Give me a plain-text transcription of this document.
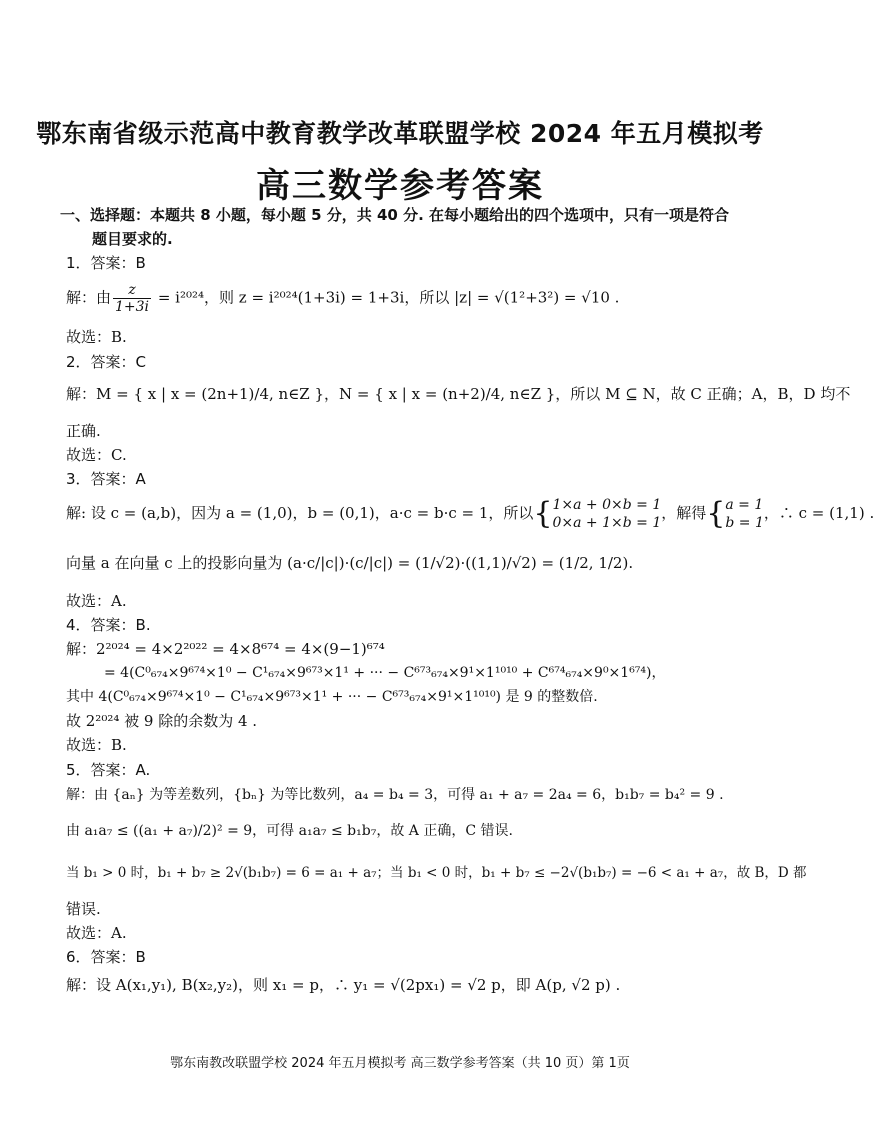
鄂东南省级示范高中教育教学改革联盟学校 2024 年五月模拟考
高三数学参考答案
一、选择题：本题共 8 小题，每小题 5 分，共 40 分. 在每小题给出的四个选项中，只有一项是符合
题目要求的.
1．答案：B
解：由 $\frac{z}{1+3i} = i^{2024}$，则 z = i²⁰²⁴(1+3i) = 1+3i，所以 |z| = √(1²+3²) = √10 .
故选：B.
2．答案：C
解：M = { x | x = (2n+1)/4, n∈Z }，N = { x | x = (n+2)/4, n∈Z }，所以 M ⊆ N，故 C 正确；A，B，D 均不
正确.
故选：C.
3．答案：A
解: 设 c = (a,b)，因为 a = (1,0)，b = (0,1)，a·c = b·c = 1，所以{1×a + 0×b = 1
0×a + 1×b = 1，解得{a = 1
b = 1，∴ c = (1,1) .
向量 a 在向量 c 上的投影向量为 (a·c/|c|)·(c/|c|) = (1/√2)·((1,1)/√2) = (1/2, 1/2).
故选：A.
4．答案：B.
解：2²⁰²⁴ = 4×2²⁰²² = 4×8⁶⁷⁴ = 4×(9−1)⁶⁷⁴
= 4(C⁰₆₇₄×9⁶⁷⁴×1⁰ − C¹₆₇₄×9⁶⁷³×1¹ + ··· − C⁶⁷³₆₇₄×9¹×1¹⁰¹⁰ + C⁶⁷⁴₆₇₄×9⁰×1⁶⁷⁴)，
其中 4(C⁰₆₇₄×9⁶⁷⁴×1⁰ − C¹₆₇₄×9⁶⁷³×1¹ + ··· − C⁶⁷³₆₇₄×9¹×1¹⁰¹⁰) 是 9 的整数倍.
故 2²⁰²⁴ 被 9 除的余数为 4 .
故选：B.
5．答案：A.
解：由 {aₙ} 为等差数列，{bₙ} 为等比数列，a₄ = b₄ = 3，可得 a₁ + a₇ = 2a₄ = 6，b₁b₇ = b₄² = 9 .
由 a₁a₇ ≤ ((a₁ + a₇)/2)² = 9，可得 a₁a₇ ≤ b₁b₇，故 A 正确，C 错误.
当 b₁ > 0 时，b₁ + b₇ ≥ 2√(b₁b₇) = 6 = a₁ + a₇；当 b₁ < 0 时，b₁ + b₇ ≤ −2√(b₁b₇) = −6 < a₁ + a₇，故 B，D 都
错误.
故选：A.
6．答案：B
解：设 A(x₁,y₁), B(x₂,y₂)，则 x₁ = p，∴ y₁ = √(2px₁) = √2 p，即 A(p, √2 p) .
鄂东南教改联盟学校 2024 年五月模拟考 高三数学参考答案（共 10 页）第 1页
